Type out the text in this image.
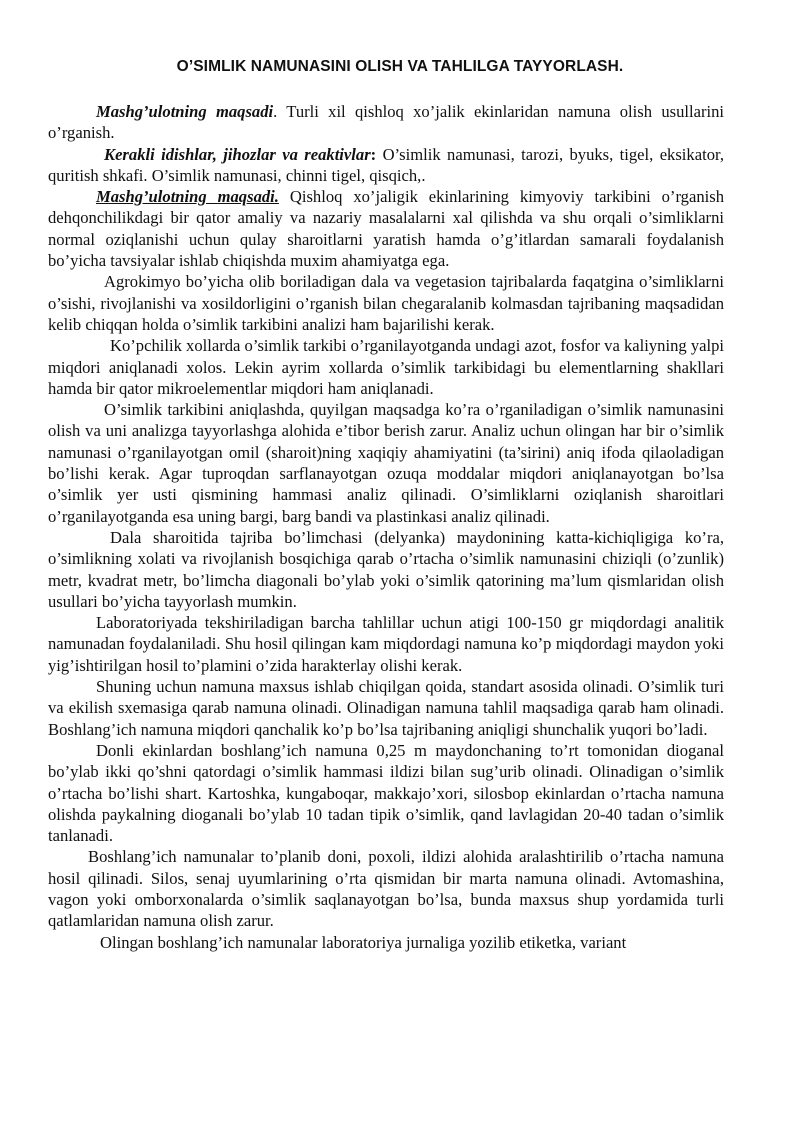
O’SIMLIK NAMUNASINI OLISH VA TAHLILGA TAYYORLASH.

Mashg’ulotning maqsadi. Turli xil qishloq xo’jalik ekinlaridan namuna olish usullarini o’rganish.

Kerakli idishlar, jihozlar va reaktivlar: O’simlik namunasi, tarozi, byuks, tigel, eksikator, quritish shkafi. O’simlik namunasi, chinni tigel, qisqich,.

Mashg’ulotning maqsadi. Qishloq xo’jaligik ekinlarining kimyoviy tarkibini o’rganish dehqonchilikdagi bir qator amaliy va nazariy masalalarni xal qilishda va shu orqali o’simliklarni normal oziqlanishi uchun qulay sharoitlarni yaratish hamda o’g’itlardan samarali foydalanish bo’yicha tavsiyalar ishlab chiqishda muxim ahamiyatga ega.

Agrokimyo bo’yicha olib boriladigan dala va vegetasion tajribalarda faqatgina o’simliklarni o’sishi, rivojlanishi va xosildorligini o’rganish bilan chegaralanib kolmasdan tajribaning maqsadidan kelib chiqqan holda o’simlik tarkibini analizi ham bajarilishi kerak.

Ko’pchilik xollarda o’simlik tarkibi o’rganilayotganda undagi azot, fosfor va kaliyning yalpi miqdori aniqlanadi xolos. Lekin ayrim xollarda o’simlik tarkibidagi bu elementlarning shakllari hamda bir qator mikroelementlar miqdori ham aniqlanadi.

O’simlik tarkibini aniqlashda, quyilgan maqsadga ko’ra o’rganiladigan o’simlik namunasini olish va uni analizga tayyorlashga alohida e’tibor berish zarur. Analiz uchun olingan har bir o’simlik namunasi o’rganilayotgan omil (sharoit)ning xaqiqiy ahamiyatini (ta’sirini) aniq ifoda qilaoladigan bo’lishi kerak. Agar tuproqdan sarflanayotgan ozuqa moddalar miqdori aniqlanayotgan bo’lsa o’simlik yer usti qismining hammasi analiz qilinadi. O’simliklarni oziqlanish sharoitlari o’rganilayotganda esa uning bargi, barg bandi va plastinkasi analiz qilinadi.

Dala sharoitida tajriba bo’limchasi (delyanka) maydonining katta-kichiqligiga ko’ra, o’simlikning xolati va rivojlanish bosqichiga qarab o’rtacha o’simlik namunasini chiziqli (o’zunlik) metr, kvadrat metr, bo’limcha diagonali bo’ylab yoki o’simlik qatorining ma’lum qismlaridan olish usullari bo’yicha tayyorlash mumkin.

Laboratoriyada tekshiriladigan barcha tahlillar uchun atigi 100-150 gr miqdordagi analitik namunadan foydalaniladi. Shu hosil qilingan kam miqdordagi namuna ko’p miqdordagi maydon yoki yig’ishtirilgan hosil to’plamini o’zida harakterlay olishi kerak.

Shuning uchun namuna maxsus ishlab chiqilgan qoida, standart asosida olinadi. O’simlik turi va ekilish sxemasiga qarab namuna olinadi. Olinadigan namuna tahlil maqsadiga qarab ham olinadi. Boshlang’ich namuna miqdori qanchalik ko’p bo’lsa tajribaning aniqligi shunchalik yuqori bo’ladi.

Donli ekinlardan boshlang’ich namuna 0,25 m maydonchaning to’rt tomonidan dioganal bo’ylab ikki qo’shni qatordagi o’simlik hammasi ildizi bilan sug’urib olinadi. Olinadigan o’simlik o’rtacha bo’lishi shart. Kartoshka, kungaboqar, makkajo’xori, silosbop ekinlardan o’rtacha namuna olishda paykalning dioganali bo’ylab 10 tadan tipik o’simlik, qand lavlagidan 20-40 tadan o’simlik tanlanadi.

Boshlang’ich namunalar to’planib doni, poxoli, ildizi alohida aralashtirilib o’rtacha namuna hosil qilinadi. Silos, senaj uyumlarining o’rta qismidan bir marta namuna olinadi. Avtomashina, vagon yoki omborxonalarda o’simlik saqlanayotgan bo’lsa, bunda maxsus shup yordamida turli qatlamlaridan namuna olish zarur.

Olingan boshlang’ich namunalar laboratoriya jurnaliga yozilib etiketka, variant
